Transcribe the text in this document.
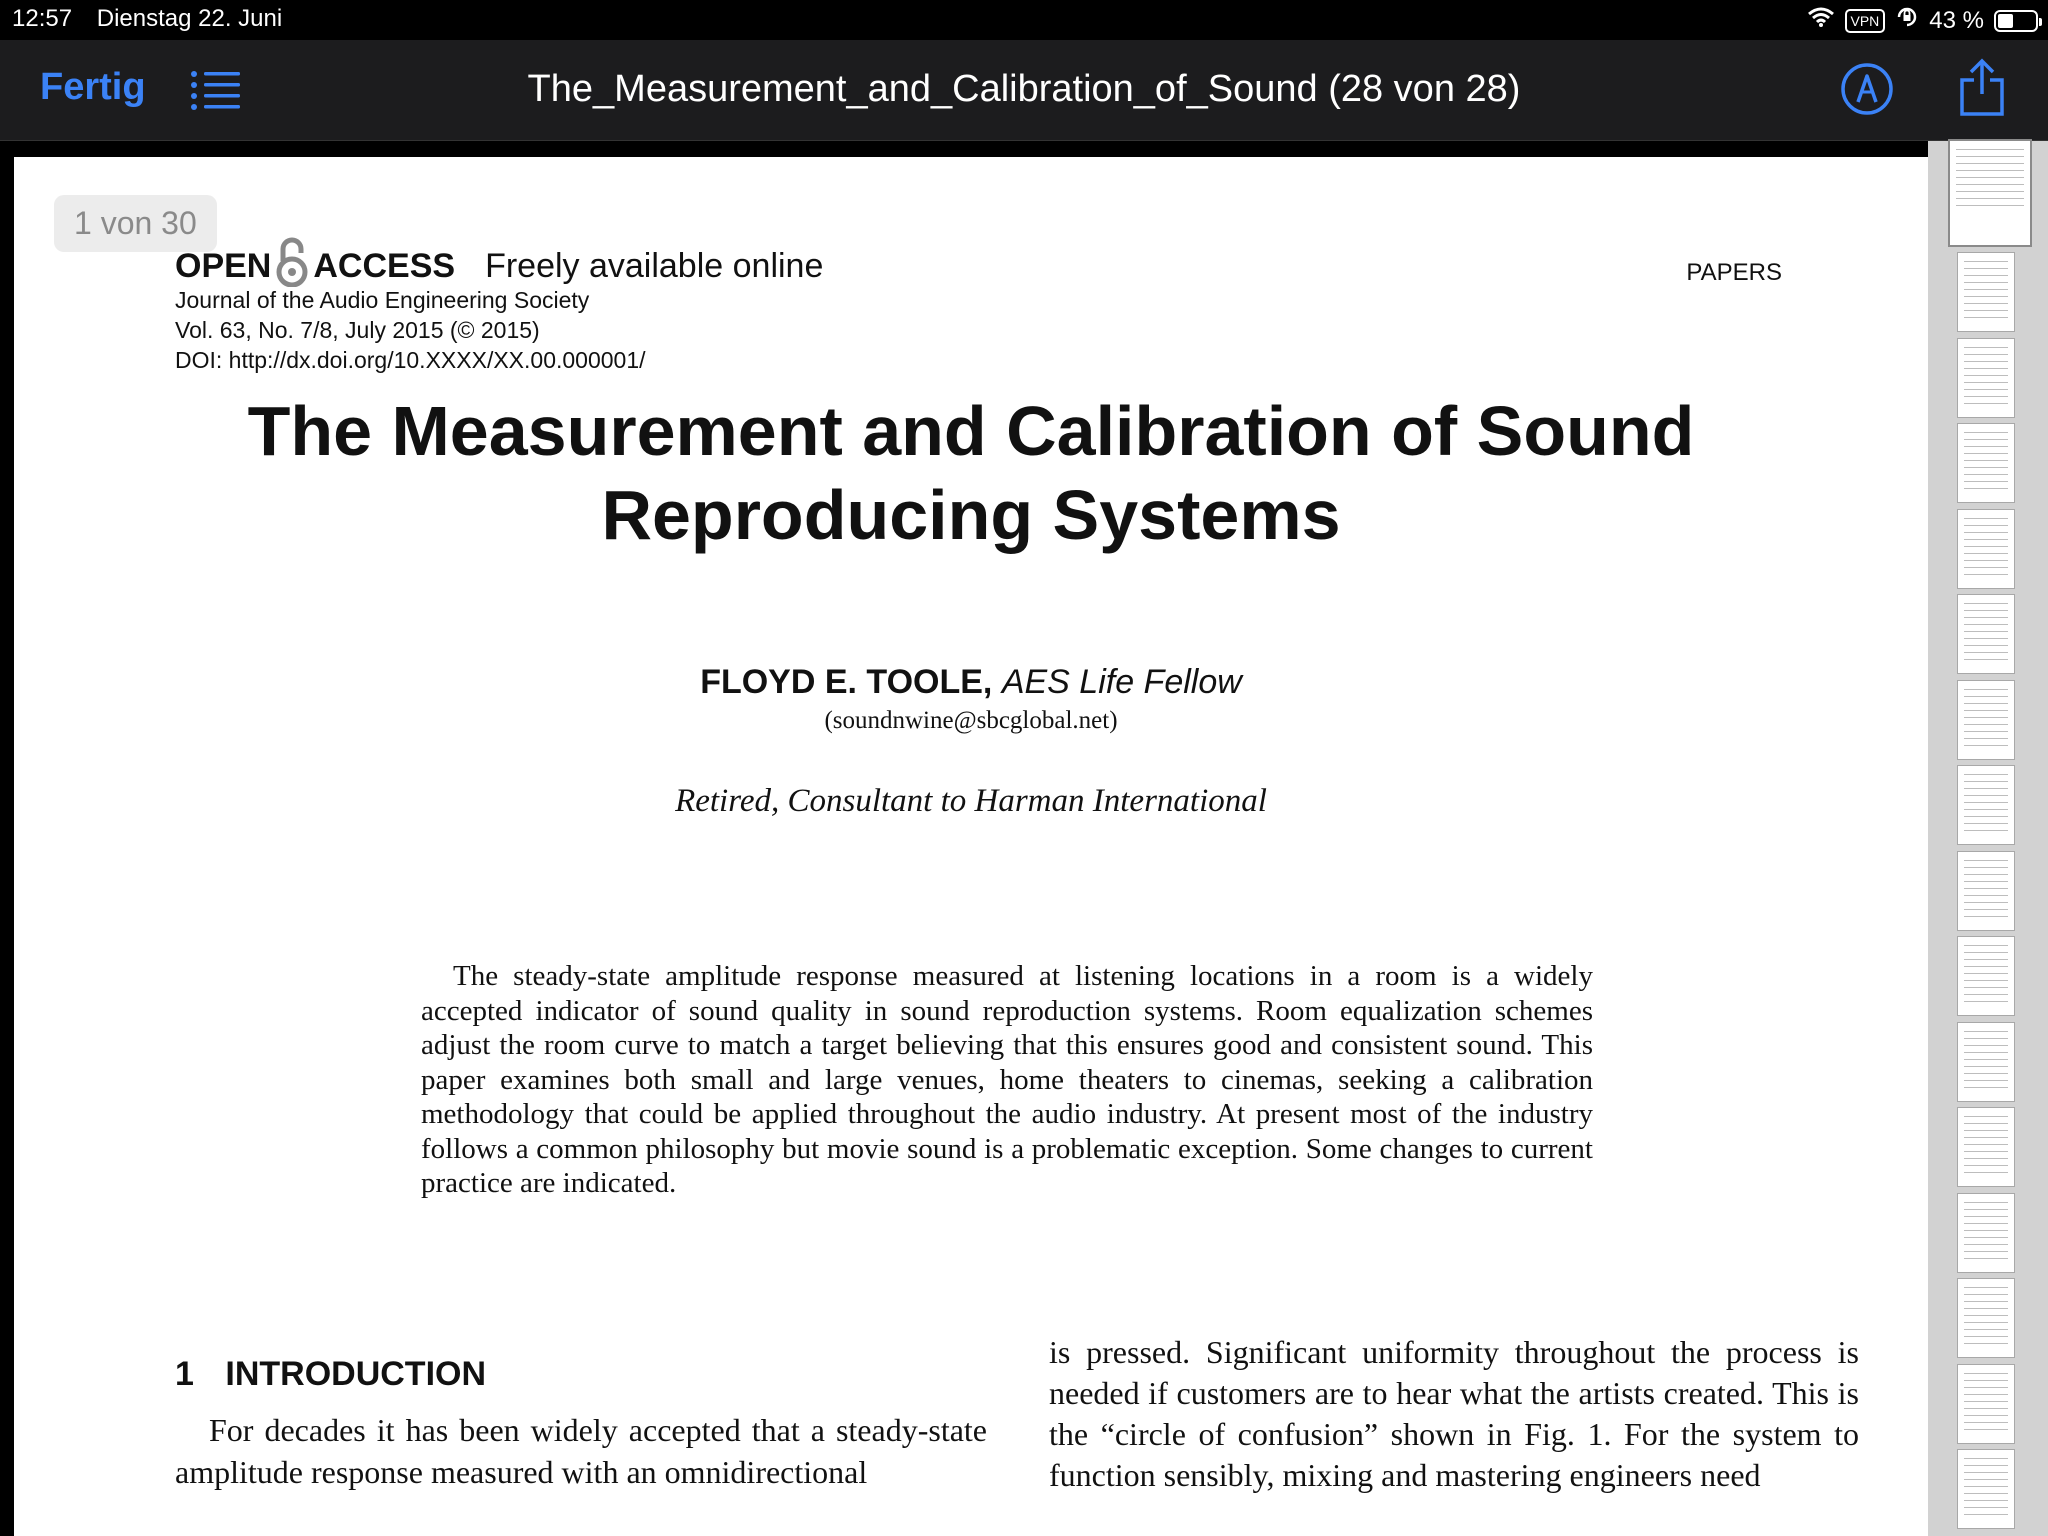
12:57 Dienstag 22. Juni	VPN 43 %
Fertig	The_Measurement_and_Calibration_of_Sound (28 von 28)
1 von 30
OPEN ACCESS Freely available online
Journal of the Audio Engineering Society
Vol. 63, No. 7/8, July 2015 (© 2015)
DOI: http://dx.doi.org/10.XXXX/XX.00.000001/
PAPERS
The Measurement and Calibration of Sound
Reproducing Systems
FLOYD E. TOOLE, AES Life Fellow
(soundnwine@sbcglobal.net)
Retired, Consultant to Harman International

The steady-state amplitude response measured at listening locations in a room is a widely accepted indicator of sound quality in sound reproduction systems. Room equalization schemes adjust the room curve to match a target believing that this ensures good and consistent sound. This paper examines both small and large venues, home theaters to cinemas, seeking a calibration methodology that could be applied throughout the audio industry. At present most of the industry follows a common philosophy but movie sound is a problematic exception. Some changes to current practice are indicated.

1 INTRODUCTION

For decades it has been widely accepted that a steady-state amplitude response measured with an omnidirectional

is pressed. Significant uniformity throughout the process is needed if customers are to hear what the artists created. This is the “circle of confusion” shown in Fig. 1. For the system to function sensibly, mixing and mastering engineers need
